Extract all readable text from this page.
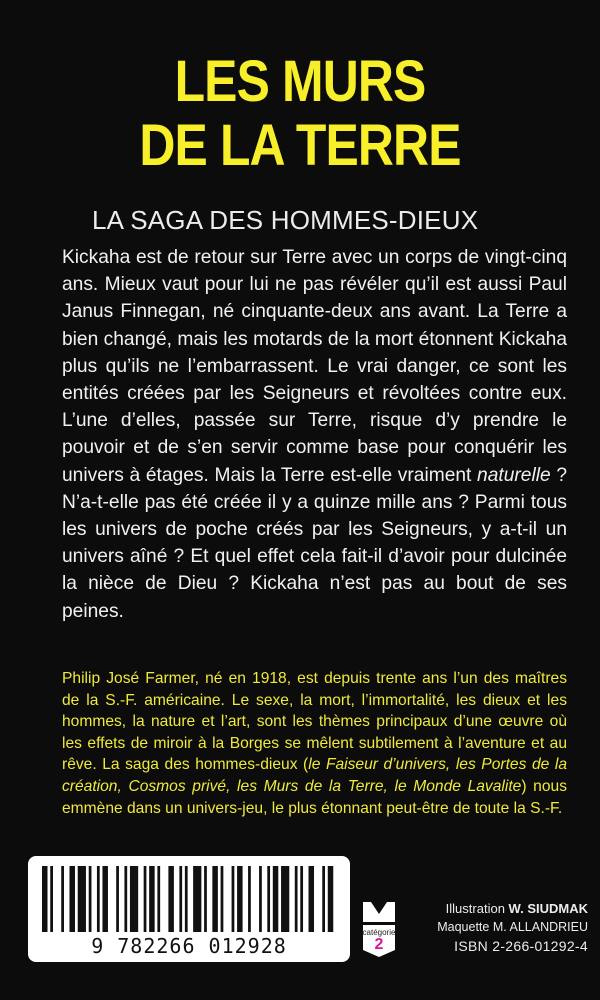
LES MURS
DE LA TERRE
LA SAGA DES HOMMES-DIEUX

Kickaha est de retour sur Terre avec un corps de vingt-cinq ans. Mieux vaut pour lui ne pas révéler qu’il est aussi Paul Janus Finnegan, né cinquante-deux ans avant. La Terre a bien changé, mais les motards de la mort étonnent Kickaha plus qu’ils ne l’embarrassent. Le vrai danger, ce sont les entités créées par les Seigneurs et révoltées contre eux. L’une d’elles, passée sur Terre, risque d’y prendre le pouvoir et de s’en servir comme base pour conquérir les univers à étages. Mais la Terre est-elle vraiment naturelle ? N’a-t-elle pas été créée il y a quinze mille ans ? Parmi tous les univers de poche créés par les Seigneurs, y a-t-il un univers aîné ? Et quel effet cela fait-il d’avoir pour dulcinée la nièce de Dieu ? Kickaha n’est pas au bout de ses peines.

Philip José Farmer, né en 1918, est depuis trente ans l’un des maîtres de la S.-F. américaine. Le sexe, la mort, l’immortalité, les dieux et les hommes, la nature et l’art, sont les thèmes principaux d’une œuvre où les effets de miroir à la Borges se mêlent subtilement à l’aventure et au rêve. La saga des hommes-dieux (le Faiseur d’univers, les Portes de la création, Cosmos privé, les Murs de la Terre, le Monde Lavalite) nous emmène dans un univers-jeu, le plus étonnant peut-être de toute la S.-F.

9 782266 012928
catégorie
2
Illustration W. SIUDMAK
Maquette M. ALLANDRIEU
ISBN 2-266-01292-4
